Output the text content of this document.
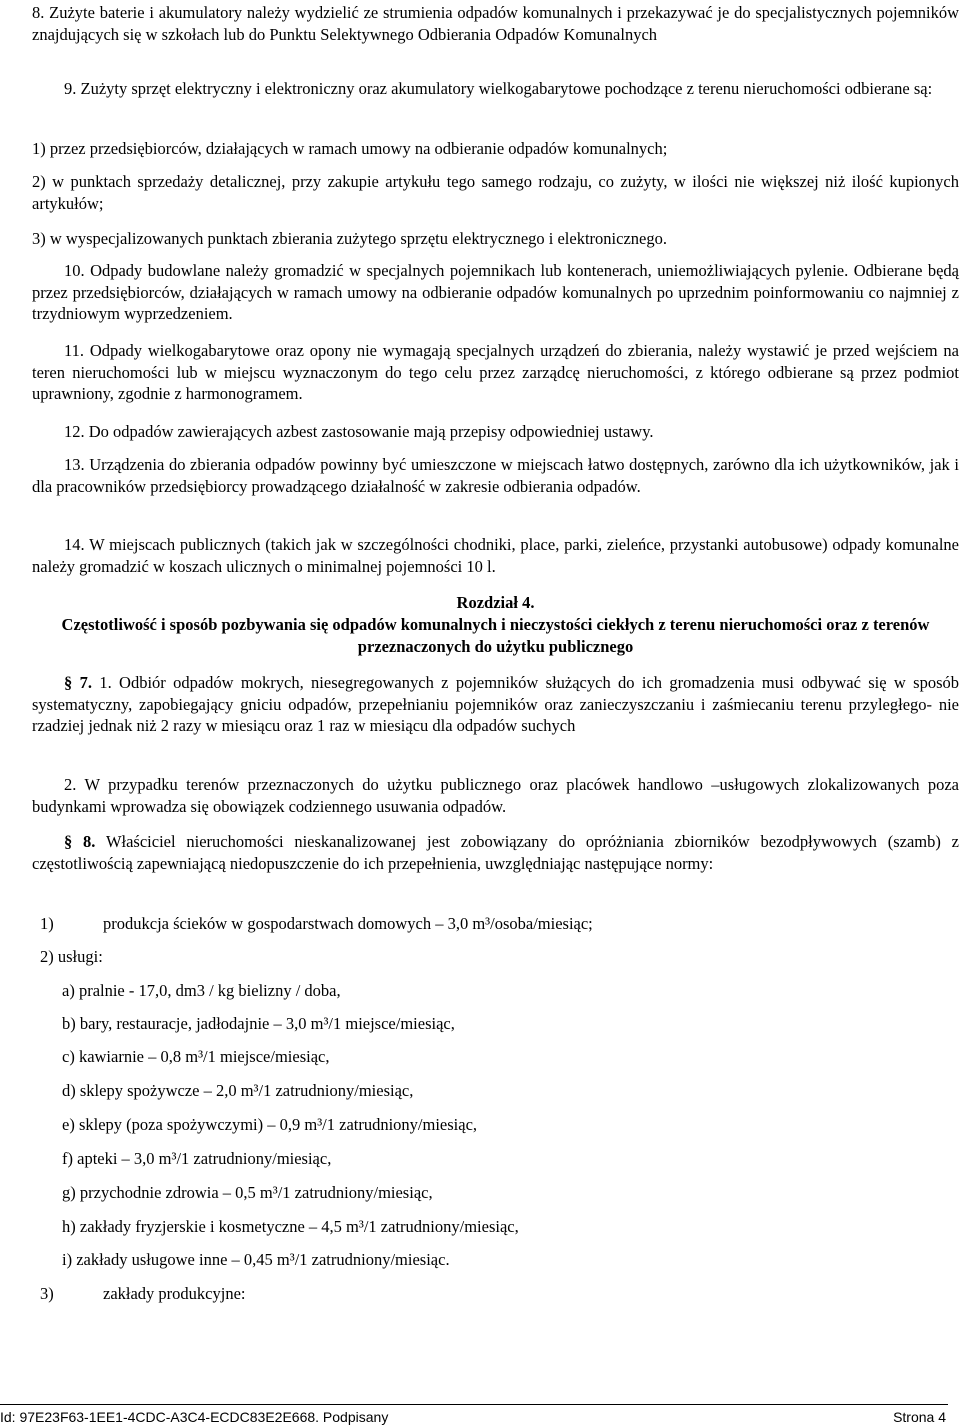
8. Zużyte baterie i akumulatory należy wydzielić ze strumienia odpadów komunalnych i przekazywać je do specjalistycznych pojemników znajdujących się w szkołach lub do Punktu Selektywnego Odbierania Odpadów Komunalnych

9. Zużyty sprzęt elektryczny i elektroniczny oraz akumulatory wielkogabarytowe pochodzące z terenu nieruchomości odbierane są:

1) przez przedsiębiorców, działających w ramach umowy na odbieranie odpadów komunalnych;

2) w punktach sprzedaży detalicznej, przy zakupie artykułu tego samego rodzaju, co zużyty, w ilości nie większej niż ilość kupionych artykułów;

3) w wyspecjalizowanych punktach zbierania zużytego sprzętu elektrycznego i elektronicznego.

10. Odpady budowlane należy gromadzić w specjalnych pojemnikach lub kontenerach, uniemożliwiających pylenie. Odbierane będą przez przedsiębiorców, działających w ramach umowy na odbieranie odpadów komunalnych po uprzednim poinformowaniu co najmniej z trzydniowym wyprzedzeniem.

11. Odpady wielkogabarytowe oraz opony nie wymagają specjalnych urządzeń do zbierania, należy wystawić je przed wejściem na teren nieruchomości lub w miejscu wyznaczonym do tego celu przez zarządcę nieruchomości, z którego odbierane są przez podmiot uprawniony, zgodnie z harmonogramem.

12. Do odpadów zawierających azbest zastosowanie mają przepisy odpowiedniej ustawy.

13. Urządzenia do zbierania odpadów powinny być umieszczone w miejscach łatwo dostępnych, zarówno dla ich użytkowników, jak i dla pracowników przedsiębiorcy prowadzącego działalność w zakresie odbierania odpadów.

14. W miejscach publicznych (takich jak w szczególności chodniki, place, parki, zieleńce, przystanki autobusowe) odpady komunalne należy gromadzić w koszach ulicznych o minimalnej pojemności 10 l.

Rozdział 4.

Częstotliwość i sposób pozbywania się odpadów komunalnych i nieczystości ciekłych z terenu nieruchomości oraz z terenów przeznaczonych do użytku publicznego

§ 7. 1. Odbiór odpadów mokrych, niesegregowanych z pojemników służących do ich gromadzenia musi odbywać się w sposób systematyczny, zapobiegający gniciu odpadów, przepełnianiu pojemników oraz zanieczyszczaniu i zaśmiecaniu terenu przyległego- nie rzadziej jednak niż 2 razy w miesiącu oraz 1 raz w miesiącu dla odpadów suchych

2. W przypadku terenów przeznaczonych do użytku publicznego oraz placówek handlowo –usługowych zlokalizowanych poza budynkami wprowadza się obowiązek codziennego usuwania odpadów.

§ 8. Właściciel nieruchomości nieskanalizowanej jest zobowiązany do opróżniania zbiorników bezodpływowych (szamb) z częstotliwością zapewniającą niedopuszczenie do ich przepełnienia, uwzględniając następujące normy:

1)	produkcja ścieków w gospodarstwach domowych – 3,0 m³/osoba/miesiąc;
2) usługi:
a) pralnie - 17,0, dm3 / kg bielizny / doba,
b) bary, restauracje, jadłodajnie – 3,0 m³/1 miejsce/miesiąc,
c) kawiarnie – 0,8 m³/1 miejsce/miesiąc,
d) sklepy spożywcze – 2,0 m³/1 zatrudniony/miesiąc,
e) sklepy (poza spożywczymi) – 0,9 m³/1 zatrudniony/miesiąc,
f) apteki – 3,0 m³/1 zatrudniony/miesiąc,
g) przychodnie zdrowia – 0,5 m³/1 zatrudniony/miesiąc,
h) zakłady fryzjerskie i kosmetyczne – 4,5 m³/1 zatrudniony/miesiąc,
i) zakłady usługowe inne – 0,45 m³/1 zatrudniony/miesiąc.
3)	zakłady produkcyjne:
Id: 97E23F63-1EE1-4CDC-A3C4-ECDC83E2E668. Podpisany	Strona 4
